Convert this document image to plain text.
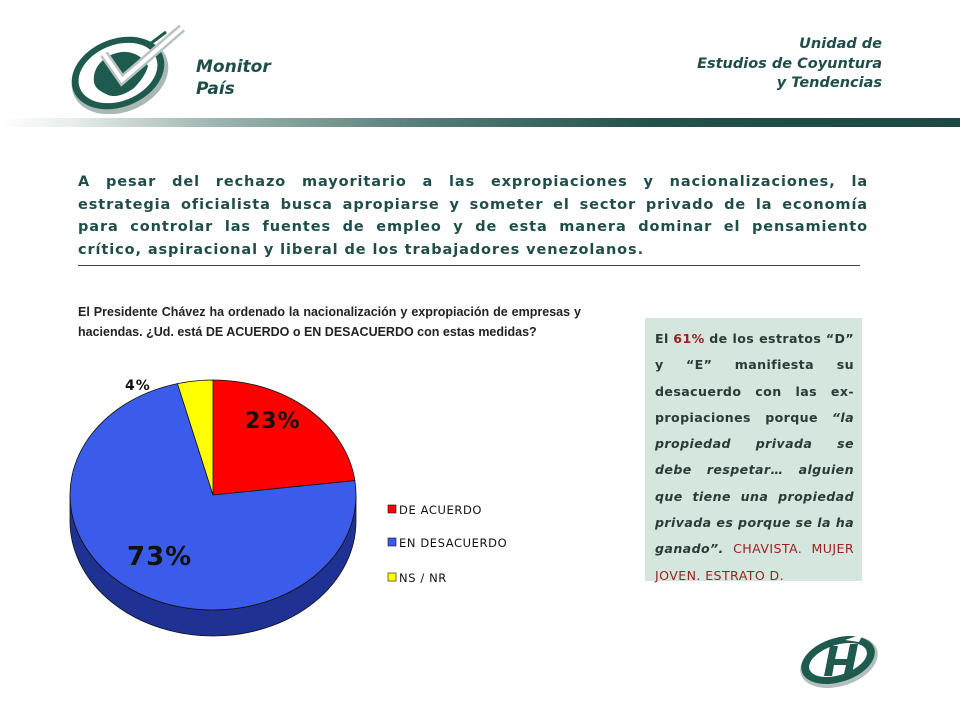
Monitor
País
Unidad de
Estudios de Coyuntura
y Tendencias

A pesar del rechazo mayoritario a las expropiaciones y nacionalizaciones, la estrategia oficialista busca apropiarse y someter el sector privado de la economía para controlar las fuentes de empleo y de esta manera dominar el pensamiento crítico, aspiracional y liberal de los trabajadores venezolanos.

El Presidente Chávez ha ordenado la nacionalización y expropiación de empresas y haciendas. ¿Ud. está DE ACUERDO o EN DESACUERDO con estas medidas?

23%
73%
4%
DE ACUERDO
EN DESACUERDO
NS / NR

El 61% de los estratos “D” y “E” manifiesta su desacuerdo con las ex-propiaciones porque “la propiedad privada se debe respetar… alguien que tiene una propiedad privada es porque se la ha ganado”. CHAVISTA. MUJER JOVEN. ESTRATO D.
